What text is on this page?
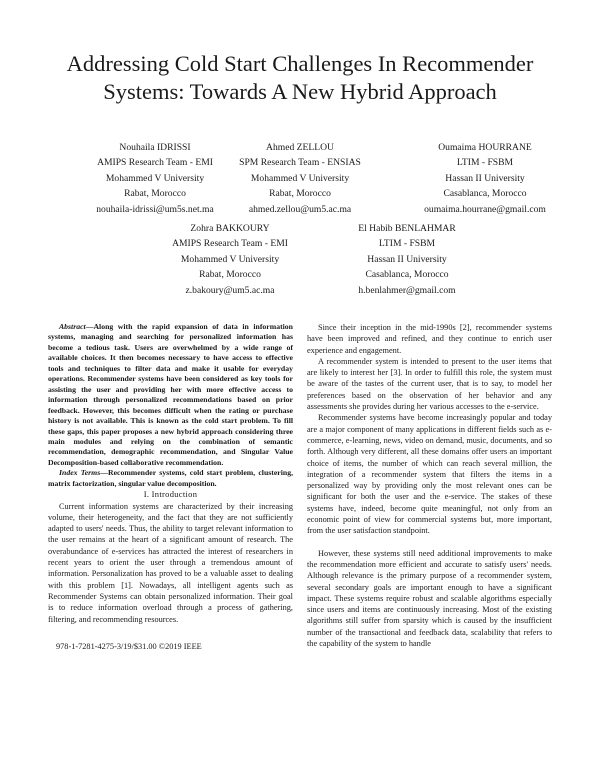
Addressing Cold Start Challenges In Recommender
Systems: Towards A New Hybrid Approach
Nouhaila IDRISSI
AMIPS Research Team - EMI
Mohammed V University
Rabat, Morocco
nouhaila-idrissi@um5s.net.ma
Ahmed ZELLOU
SPM Research Team - ENSIAS
Mohammed V University
Rabat, Morocco
ahmed.zellou@um5.ac.ma
Oumaima HOURRANE
LTIM - FSBM
Hassan II University
Casablanca, Morocco
oumaima.hourrane@gmail.com
Zohra BAKKOURY
AMIPS Research Team - EMI
Mohammed V University
Rabat, Morocco
z.bakoury@um5.ac.ma
El Habib BENLAHMAR
LTIM - FSBM
Hassan II University
Casablanca, Morocco
h.benlahmer@gmail.com

Abstract—Along with the rapid expansion of data in information systems, managing and searching for personalized information has become a tedious task. Users are overwhelmed by a wide range of available choices. It then becomes necessary to have access to effective tools and techniques to filter data and make it usable for everyday operations. Recommender systems have been considered as key tools for assisting the user and providing her with more effective access to information through personalized recommendations based on prior feedback. However, this becomes difficult when the rating or purchase history is not available. This is known as the cold start problem. To fill these gaps, this paper proposes a new hybrid approach considering three main modules and relying on the combination of semantic recommendation, demographic recommendation, and Singular Value Decomposition-based collaborative recommendation.

Index Terms—Recommender systems, cold start problem, clustering, matrix factorization, singular value decomposition.

I. Introduction

Current information systems are characterized by their increasing volume, their heterogeneity, and the fact that they are not sufficiently adapted to users' needs. Thus, the ability to target relevant information to the user remains at the heart of a significant amount of research. The overabundance of e-services has attracted the interest of researchers in recent years to orient the user through a tremendous amount of information. Personalization has proved to be a valuable asset to dealing with this problem [1]. Nowadays, all intelligent agents such as Recommender Systems can obtain personalized information. Their goal is to reduce information overload through a process of gathering, filtering, and recommending resources.

978-1-7281-4275-3/19/$31.00 ©2019 IEEE

Since their inception in the mid-1990s [2], recommender systems have been improved and refined, and they continue to enrich user experience and engagement.

A recommender system is intended to present to the user items that are likely to interest her [3]. In order to fulfill this role, the system must be aware of the tastes of the current user, that is to say, to model her preferences based on the observation of her behavior and any assessments she provides during her various accesses to the e-service.

Recommender systems have become increasingly popular and today are a major component of many applications in different fields such as e-commerce, e-learning, news, video on demand, music, documents, and so forth. Although very different, all these domains offer users an important choice of items, the number of which can reach several million, the integration of a recommender system that filters the items in a personalized way by providing only the most relevant ones can be significant for both the user and the e-service. The stakes of these systems have, indeed, become quite meaningful, not only from an economic point of view for commercial systems but, more important, from the user satisfaction standpoint.

However, these systems still need additional improvements to make the recommendation more efficient and accurate to satisfy users' needs. Although relevance is the primary purpose of a recommender system, several secondary goals are important enough to have a significant impact. These systems require robust and scalable algorithms especially since users and items are continuously increasing. Most of the existing algorithms still suffer from sparsity which is caused by the insufficient number of the transactional and feedback data, scalability that refers to the capability of the system to handle
